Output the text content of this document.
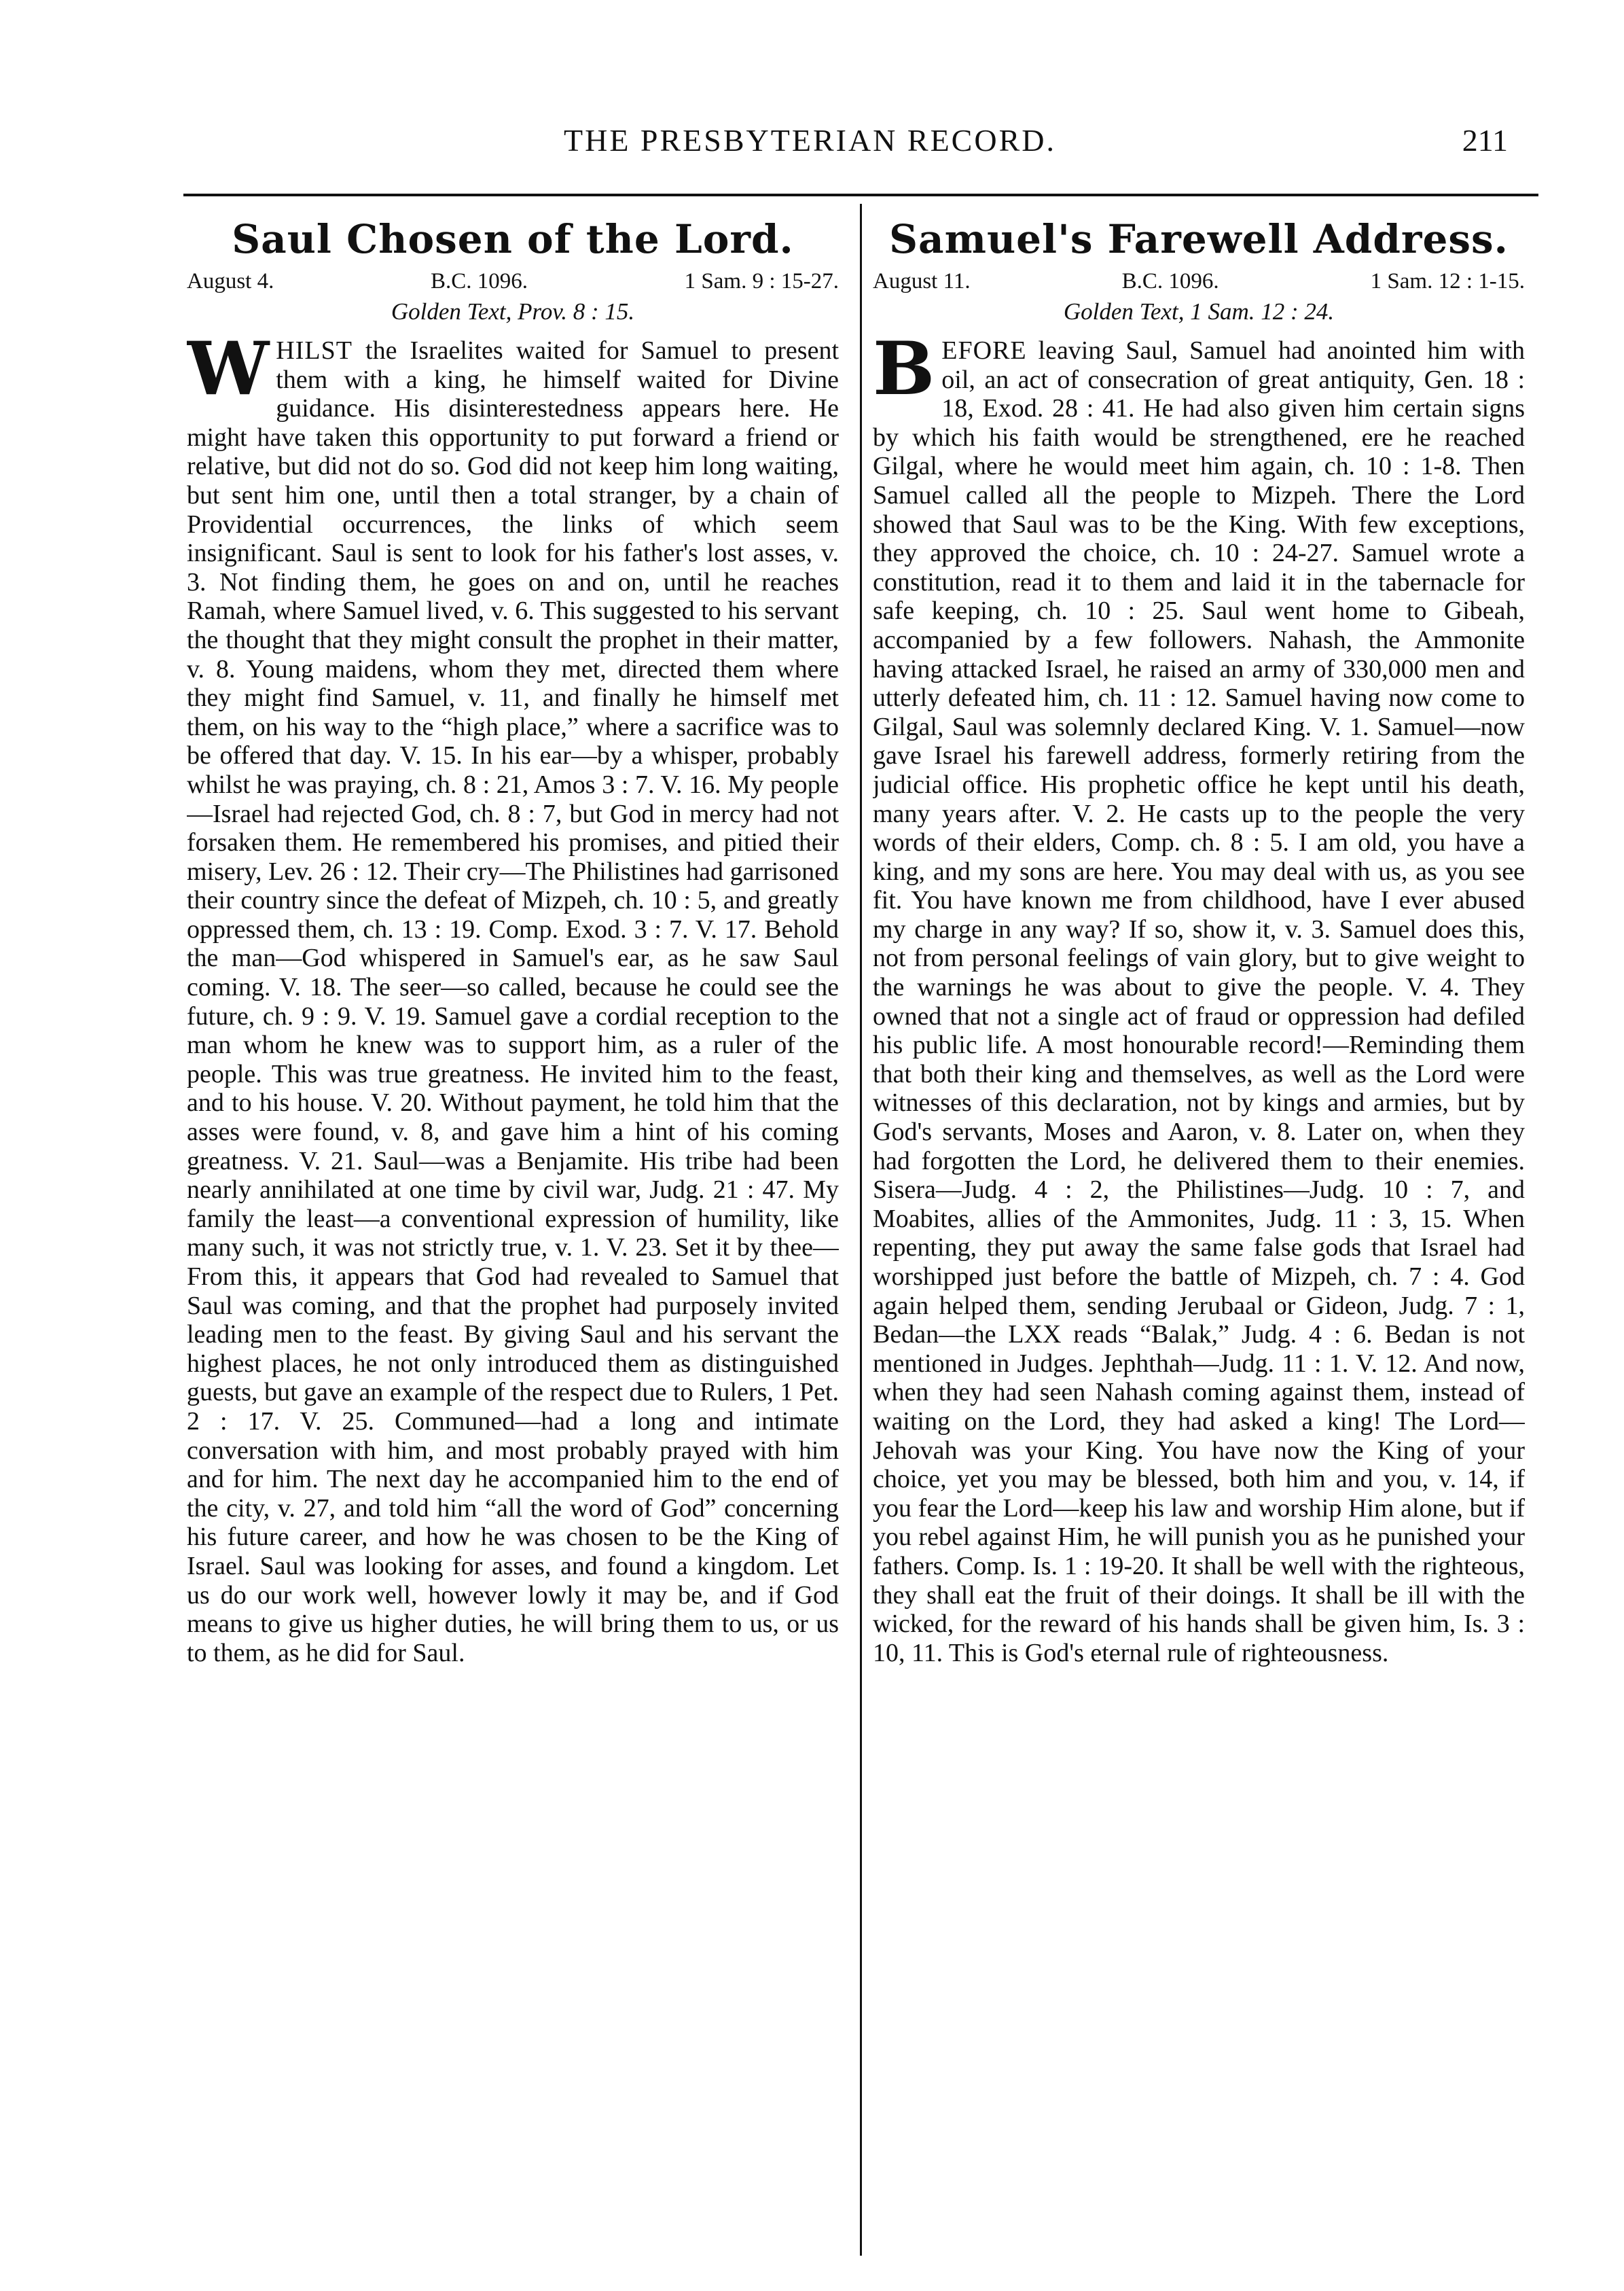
THE PRESBYTERIAN RECORD.	211
Saul Chosen of the Lord.
August 4.	B.C. 1096.	1 Sam. 9 : 15-27.
Golden Text, Prov. 8 : 15.

WHILST the Israelites waited for Samuel to present them with a king, he himself waited for Divine guidance. His disinterestedness appears here. He might have taken this opportunity to put forward a friend or relative, but did not do so. God did not keep him long waiting, but sent him one, until then a total stranger, by a chain of Providential occurrences, the links of which seem insignificant. Saul is sent to look for his father's lost asses, v. 3. Not finding them, he goes on and on, until he reaches Ramah, where Samuel lived, v. 6. This suggested to his servant the thought that they might consult the prophet in their matter, v. 8. Young maidens, whom they met, directed them where they might find Samuel, v. 11, and finally he himself met them, on his way to the “high place,” where a sacrifice was to be offered that day. V. 15. In his ear—by a whisper, probably whilst he was praying, ch. 8 : 21, Amos 3 : 7. V. 16. My people—Israel had rejected God, ch. 8 : 7, but God in mercy had not forsaken them. He remembered his promises, and pitied their misery, Lev. 26 : 12. Their cry—The Philistines had garrisoned their country since the defeat of Mizpeh, ch. 10 : 5, and greatly oppressed them, ch. 13 : 19. Comp. Exod. 3 : 7. V. 17. Behold the man—God whispered in Samuel's ear, as he saw Saul coming. V. 18. The seer—so called, because he could see the future, ch. 9 : 9. V. 19. Samuel gave a cordial reception to the man whom he knew was to support him, as a ruler of the people. This was true greatness. He invited him to the feast, and to his house. V. 20. Without payment, he told him that the asses were found, v. 8, and gave him a hint of his coming greatness. V. 21. Saul—was a Benjamite. His tribe had been nearly annihilated at one time by civil war, Judg. 21 : 47. My family the least—a conventional expression of humility, like many such, it was not strictly true, v. 1. V. 23. Set it by thee—From this, it appears that God had revealed to Samuel that Saul was coming, and that the prophet had purposely invited leading men to the feast. By giving Saul and his servant the highest places, he not only introduced them as distinguished guests, but gave an example of the respect due to Rulers, 1 Pet. 2 : 17. V. 25. Communed—had a long and intimate conversation with him, and most probably prayed with him and for him. The next day he accompanied him to the end of the city, v. 27, and told him “all the word of God” concerning his future career, and how he was chosen to be the King of Israel. Saul was looking for asses, and found a kingdom. Let us do our work well, however lowly it may be, and if God means to give us higher duties, he will bring them to us, or us to them, as he did for Saul.

Samuel's Farewell Address.
August 11.	B.C. 1096.	1 Sam. 12 : 1-15.
Golden Text, 1 Sam. 12 : 24.

BEFORE leaving Saul, Samuel had anointed him with oil, an act of consecration of great antiquity, Gen. 18 : 18, Exod. 28 : 41. He had also given him certain signs by which his faith would be strengthened, ere he reached Gilgal, where he would meet him again, ch. 10 : 1-8. Then Samuel called all the people to Mizpeh. There the Lord showed that Saul was to be the King. With few exceptions, they approved the choice, ch. 10 : 24-27. Samuel wrote a constitution, read it to them and laid it in the tabernacle for safe keeping, ch. 10 : 25. Saul went home to Gibeah, accompanied by a few followers. Nahash, the Ammonite having attacked Israel, he raised an army of 330,000 men and utterly defeated him, ch. 11 : 12. Samuel having now come to Gilgal, Saul was solemnly declared King. V. 1. Samuel—now gave Israel his farewell address, formerly retiring from the judicial office. His prophetic office he kept until his death, many years after. V. 2. He casts up to the people the very words of their elders, Comp. ch. 8 : 5. I am old, you have a king, and my sons are here. You may deal with us, as you see fit. You have known me from childhood, have I ever abused my charge in any way? If so, show it, v. 3. Samuel does this, not from personal feelings of vain glory, but to give weight to the warnings he was about to give the people. V. 4. They owned that not a single act of fraud or oppression had defiled his public life. A most honourable record!—Reminding them that both their king and themselves, as well as the Lord were witnesses of this declaration, not by kings and armies, but by God's servants, Moses and Aaron, v. 8. Later on, when they had forgotten the Lord, he delivered them to their enemies. Sisera—Judg. 4 : 2, the Philistines—Judg. 10 : 7, and Moabites, allies of the Ammonites, Judg. 11 : 3, 15. When repenting, they put away the same false gods that Israel had worshipped just before the battle of Mizpeh, ch. 7 : 4. God again helped them, sending Jerubaal or Gideon, Judg. 7 : 1, Bedan—the LXX reads “Balak,” Judg. 4 : 6. Bedan is not mentioned in Judges. Jephthah—Judg. 11 : 1. V. 12. And now, when they had seen Nahash coming against them, instead of waiting on the Lord, they had asked a king! The Lord—Jehovah was your King. You have now the King of your choice, yet you may be blessed, both him and you, v. 14, if you fear the Lord—keep his law and worship Him alone, but if you rebel against Him, he will punish you as he punished your fathers. Comp. Is. 1 : 19-20. It shall be well with the righteous, they shall eat the fruit of their doings. It shall be ill with the wicked, for the reward of his hands shall be given him, Is. 3 : 10, 11. This is God's eternal rule of righteousness.
